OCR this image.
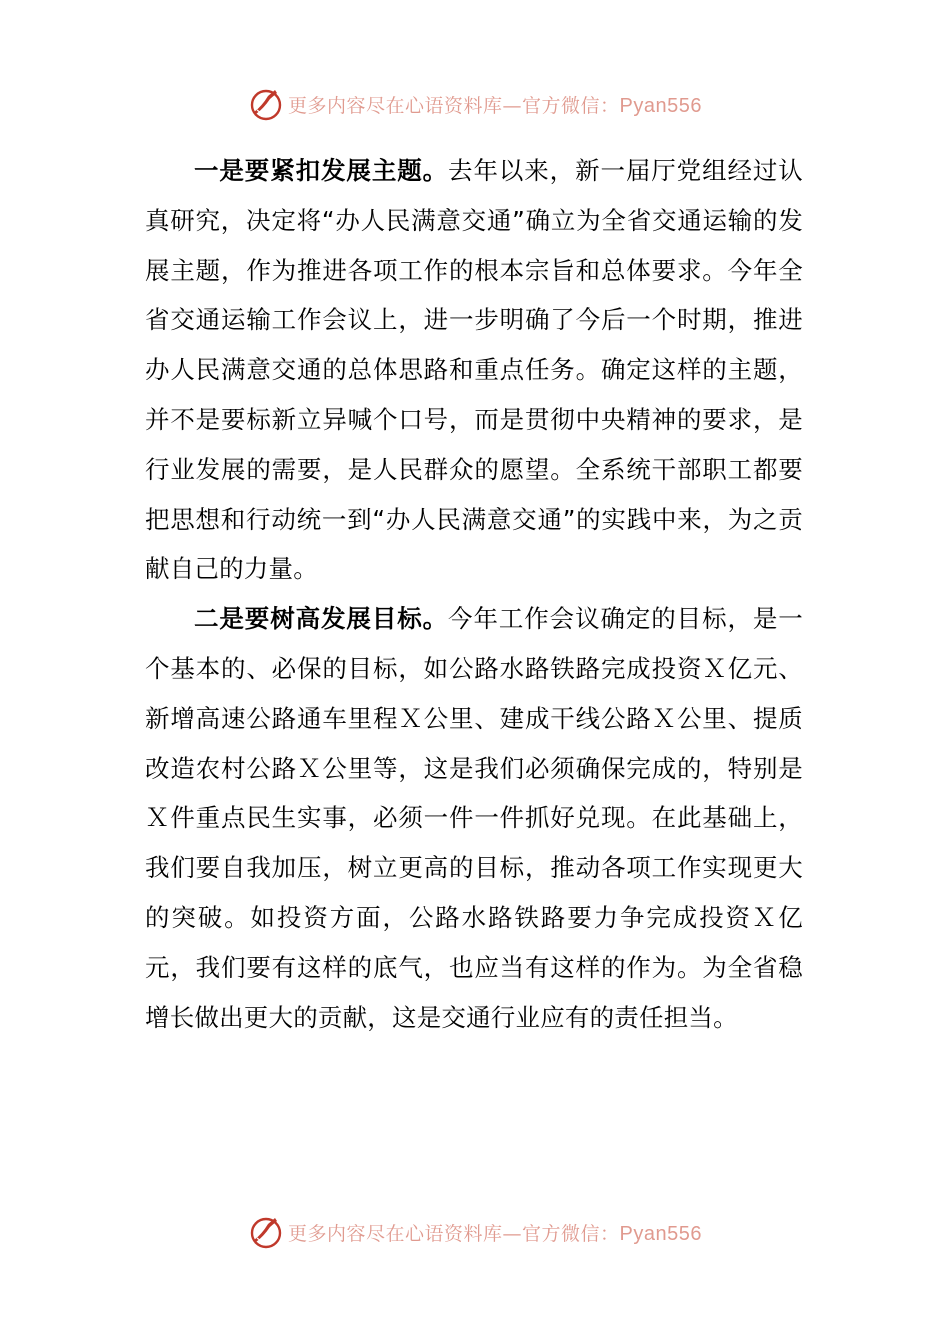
更多内容尽在心语资料库—官方微信：Pyan556

一是要紧扣发展主题。去年以来，新一届厅党组经过认真研究，决定将“办人民满意交通”确立为全省交通运输的发展主题，作为推进各项工作的根本宗旨和总体要求。今年全省交通运输工作会议上，进一步明确了今后一个时期，推进办人民满意交通的总体思路和重点任务。确定这样的主题，并不是要标新立异喊个口号，而是贯彻中央精神的要求，是行业发展的需要，是人民群众的愿望。全系统干部职工都要把思想和行动统一到“办人民满意交通”的实践中来，为之贡献自己的力量。

二是要树高发展目标。今年工作会议确定的目标，是一个基本的、必保的目标，如公路水路铁路完成投资Ｘ亿元、新增高速公路通车里程Ｘ公里、建成干线公路Ｘ公里、提质改造农村公路Ｘ公里等，这是我们必须确保完成的，特别是Ｘ件重点民生实事，必须一件一件抓好兑现。在此基础上，我们要自我加压，树立更高的目标，推动各项工作实现更大的突破。如投资方面，公路水路铁路要力争完成投资Ｘ亿元，我们要有这样的底气，也应当有这样的作为。为全省稳增长做出更大的贡献，这是交通行业应有的责任担当。

更多内容尽在心语资料库—官方微信：Pyan556
